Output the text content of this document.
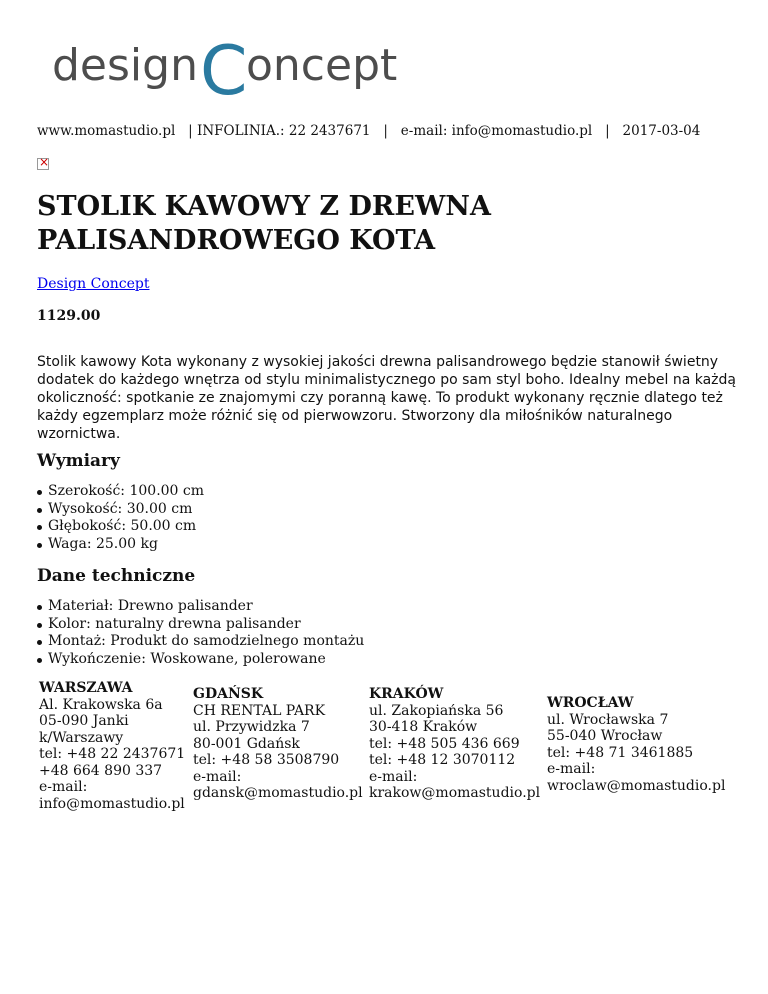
design C
oncept
www.momastudio.pl   | INFOLINIA.: 22 2437671   |   e-mail: info@momastudio.pl   |   2017-03-04
×
STOLIK KAWOWY Z DREWNA PALISANDROWEGO KOTA
Design Concept
1129.00

Stolik kawowy Kota wykonany z wysokiej jakości drewna palisandrowego będzie stanowił świetny dodatek do każdego wnętrza od stylu minimalistycznego po sam styl boho. Idealny mebel na każdą okoliczność: spotkanie ze znajomymi czy poranną kawę. To produkt wykonany ręcznie dlatego też każdy egzemplarz może różnić się od pierwowzoru. Stworzony dla miłośników naturalnego wzornictwa.

Wymiary
Szerokość: 100.00 cm
Wysokość: 30.00 cm
Głębokość: 50.00 cm
Waga: 25.00 kg
Dane techniczne
Materiał: Drewno palisander
Kolor: naturalny drewna palisander
Montaż: Produkt do samodzielnego montażu
Wykończenie: Woskowane, polerowane
WARSZAWA
Al. Krakowska 6a
05-090 Janki
k/Warszawy
tel: +48 22 2437671
+48 664 890 337
e-mail:
info@momastudio.pl
GDAŃSK
CH RENTAL PARK
ul. Przywidzka 7
80-001 Gdańsk
tel: +48 58 3508790
e-mail:
gdansk@momastudio.pl
KRAKÓW
ul. Zakopiańska 56
30-418 Kraków
tel: +48 505 436 669
tel: +48 12 3070112
e-mail:
krakow@momastudio.pl
WROCŁAW
ul. Wrocławska 7
55-040 Wrocław
tel: +48 71 3461885
e-mail:
wroclaw@momastudio.pl
